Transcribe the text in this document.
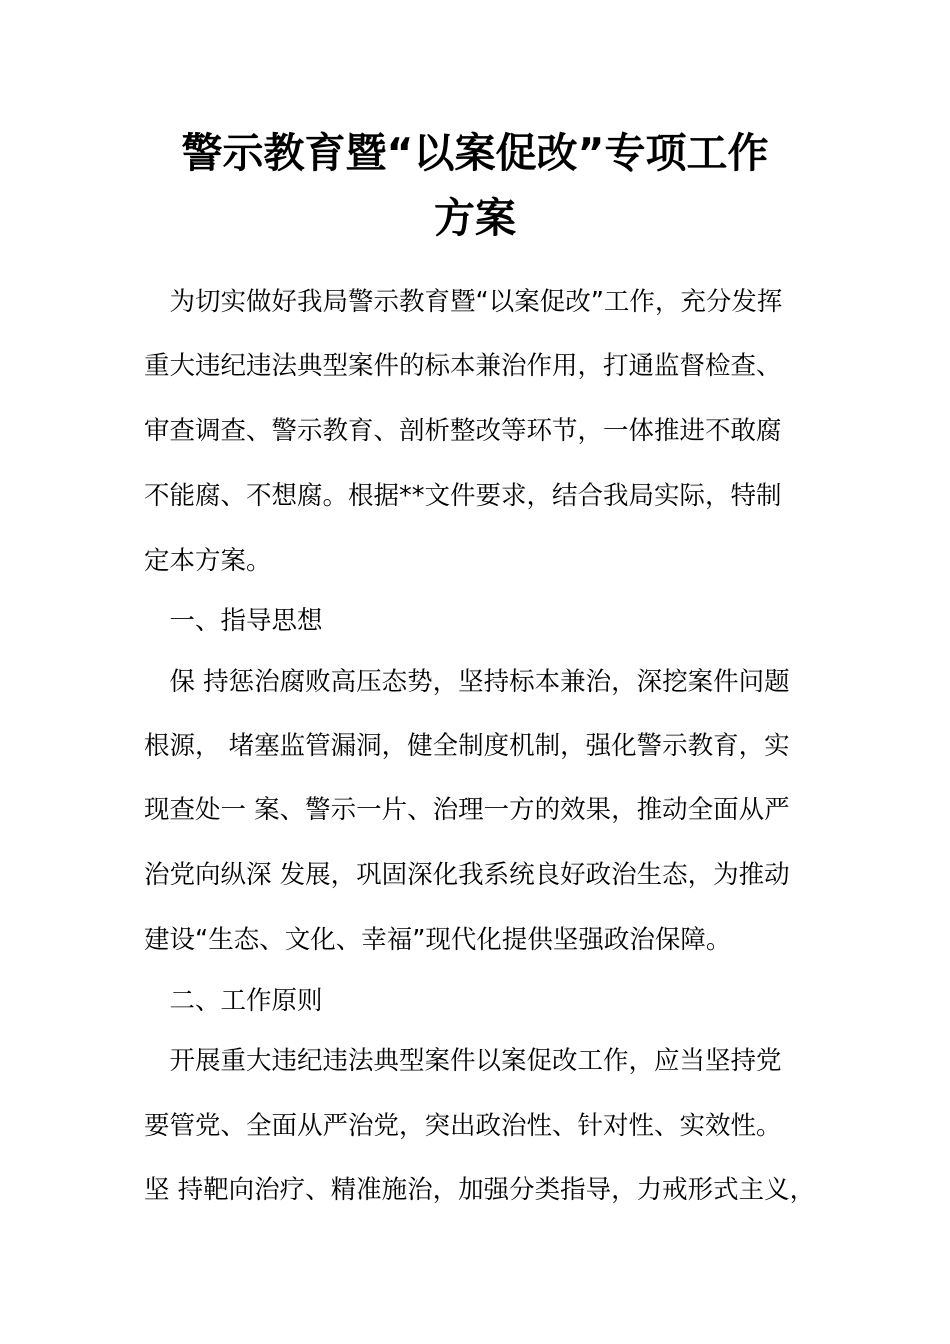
警示教育暨“以案促改”专项工作
方案
　为切实做好我局警示教育暨“以案促改”工作，充分发挥
重大违纪违法典型案件的标本兼治作用，打通监督检查、
审查调查、警示教育、剖析整改等环节，一体推进不敢腐
不能腐、不想腐。根据**文件要求，结合我局实际，特制
定本方案。
　一、指导思想
　保 持惩治腐败高压态势，坚持标本兼治，深挖案件问题
根源， 堵塞监管漏洞，健全制度机制，强化警示教育，实
现查处一 案、警示一片、治理一方的效果，推动全面从严
治党向纵深 发展，巩固深化我系统良好政治生态，为推动
建设“生态、文化、幸福”现代化提供坚强政治保障。
　二、工作原则
　开展重大违纪违法典型案件以案促改工作，应当坚持党
要管党、全面从严治党，突出政治性、针对性、实效性。
坚 持靶向治疗、精准施治，加强分类指导，力戒形式主义，
